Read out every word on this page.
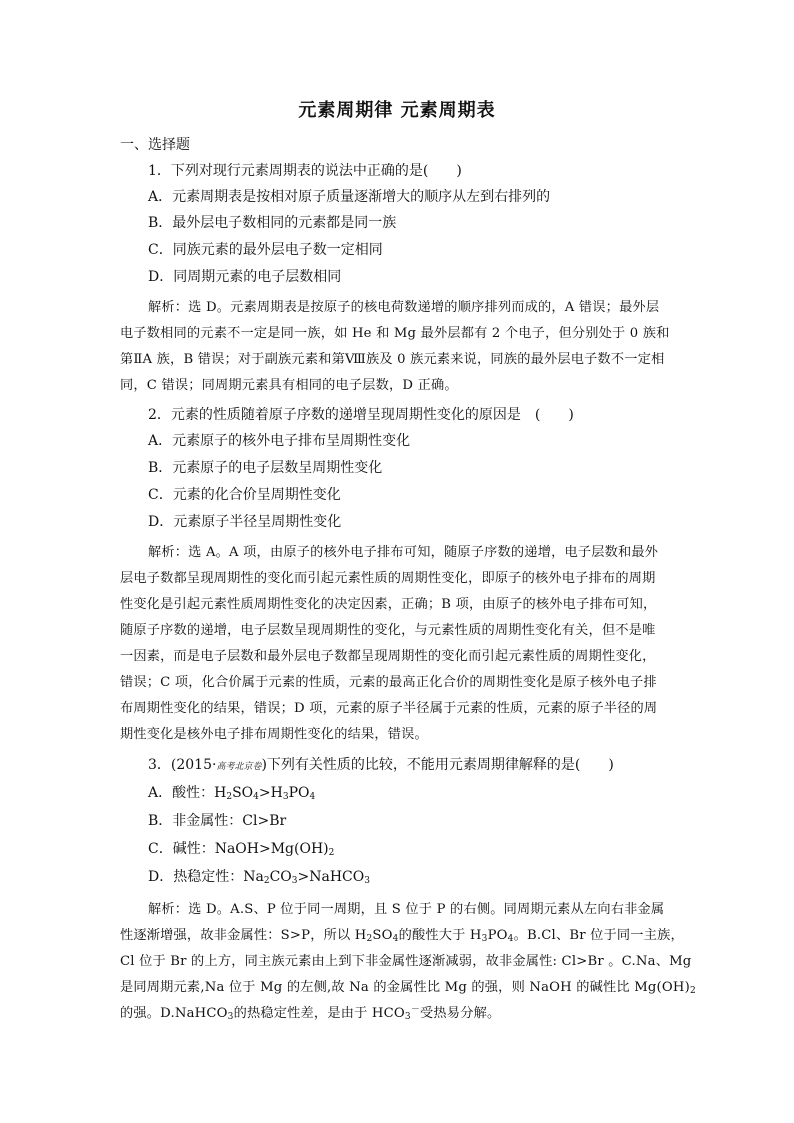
元素周期律 元素周期表
一、选择题
1．下列对现行元素周期表的说法中正确的是(　　)
A．元素周期表是按相对原子质量逐渐增大的顺序从左到右排列的
B．最外层电子数相同的元素都是同一族
C．同族元素的最外层电子数一定相同
D．同周期元素的电子层数相同
解析：选 D。元素周期表是按原子的核电荷数递增的顺序排列而成的，A 错误；最外层
电子数相同的元素不一定是同一族，如 He 和 Mg 最外层都有 2 个电子，但分别处于 0 族和
第ⅡA 族，B 错误；对于副族元素和第Ⅷ族及 0 族元素来说，同族的最外层电子数不一定相
同，C 错误；同周期元素具有相同的电子层数，D 正确。
2．元素的性质随着原子序数的递增呈现周期性变化的原因是　(　　)
A．元素原子的核外电子排布呈周期性变化
B．元素原子的电子层数呈周期性变化
C．元素的化合价呈周期性变化
D．元素原子半径呈周期性变化
解析：选 A。A 项，由原子的核外电子排布可知，随原子序数的递增，电子层数和最外
层电子数都呈现周期性的变化而引起元素性质的周期性变化，即原子的核外电子排布的周期
性变化是引起元素性质周期性变化的决定因素，正确；B 项，由原子的核外电子排布可知，
随原子序数的递增，电子层数呈现周期性的变化，与元素性质的周期性变化有关，但不是唯
一因素，而是电子层数和最外层电子数都呈现周期性的变化而引起元素性质的周期性变化，
错误；C 项，化合价属于元素的性质，元素的最高正化合价的周期性变化是原子核外电子排
布周期性变化的结果，错误；D 项，元素的原子半径属于元素的性质，元素的原子半径的周
期性变化是核外电子排布周期性变化的结果，错误。
3．(2015·高考北京卷)下列有关性质的比较，不能用元素周期律解释的是(　　)
A．酸性：$H_2SO_4>H_3PO_4$
B．非金属性：Cl>Br
C．碱性：$NaOH>Mg(OH)_2$
D．热稳定性：$Na_2CO_3>NaHCO_3$
解析：选 D。A.S、P 位于同一周期，且 S 位于 P 的右侧。同周期元素从左向右非金属
性逐渐增强，故非金属性：S>P，所以 $H_2SO_4$的酸性大于 $H_3PO_4$。B.Cl、Br 位于同一主族，
Cl 位于 Br 的上方，同主族元素由上到下非金属性逐渐减弱，故非金属性: Cl>Br 。C.Na、Mg
是同周期元素,Na 位于 Mg 的左侧,故 Na 的金属性比 Mg 的强，则 NaOH 的碱性比 $Mg(OH)_2$
的强。D.NaHCO$_3$的热稳定性差，是由于 $HCO_3^-$受热易分解。
